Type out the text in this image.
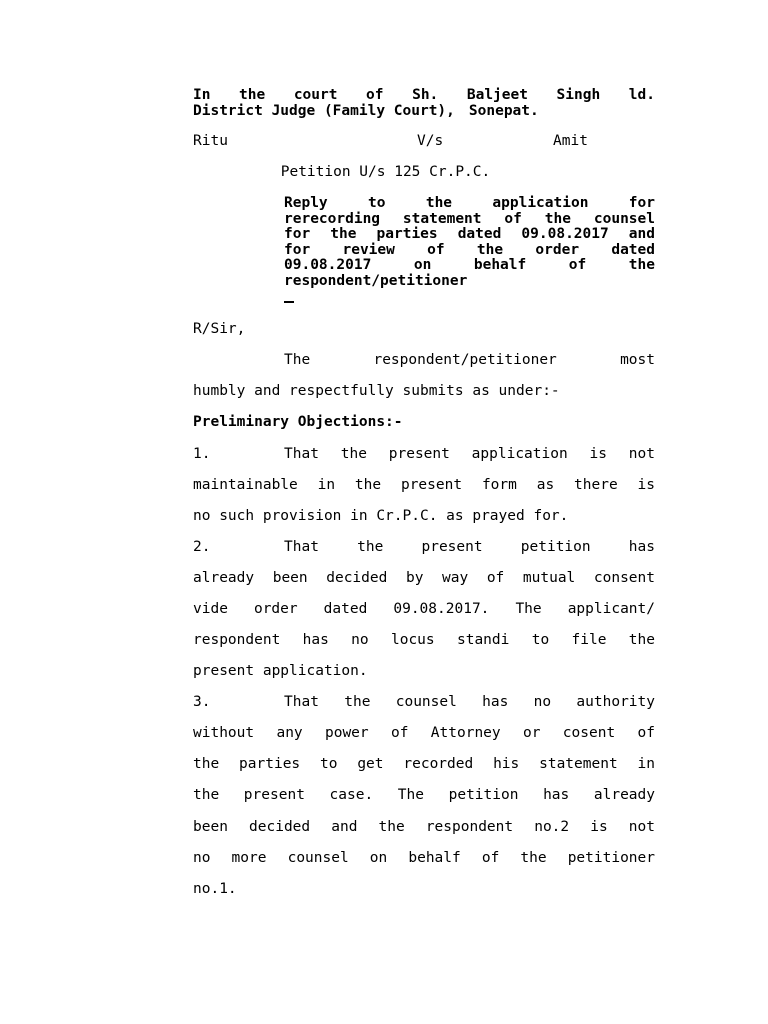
In the court of Sh. Baljeet Singh ld.
District Judge (Family Court), Sonepat.
Ritu	V/s	Amit
Petition U/s 125 Cr.P.C.
Reply to the application for
rerecording statement of the counsel
for the parties dated 09.08.2017 and
for review of the order dated
09.08.2017 on behalf of the
respondent/petitioner
R/Sir,
The respondent/petitioner most
humbly and respectfully submits as under:-
Preliminary Objections:-
1.	That the present application is not
maintainable in the present form as there is
no such provision in Cr.P.C. as prayed for.
2.	That the present petition has
already been decided by way of mutual consent
vide order dated 09.08.2017. The applicant/
respondent has no locus standi to file the
present application.
3.	That the counsel has no authority
without any power of Attorney or cosent of
the parties to get recorded his statement in
the present case. The petition has already
been decided and the respondent no.2 is not
no more counsel on behalf of the petitioner
no.1.
